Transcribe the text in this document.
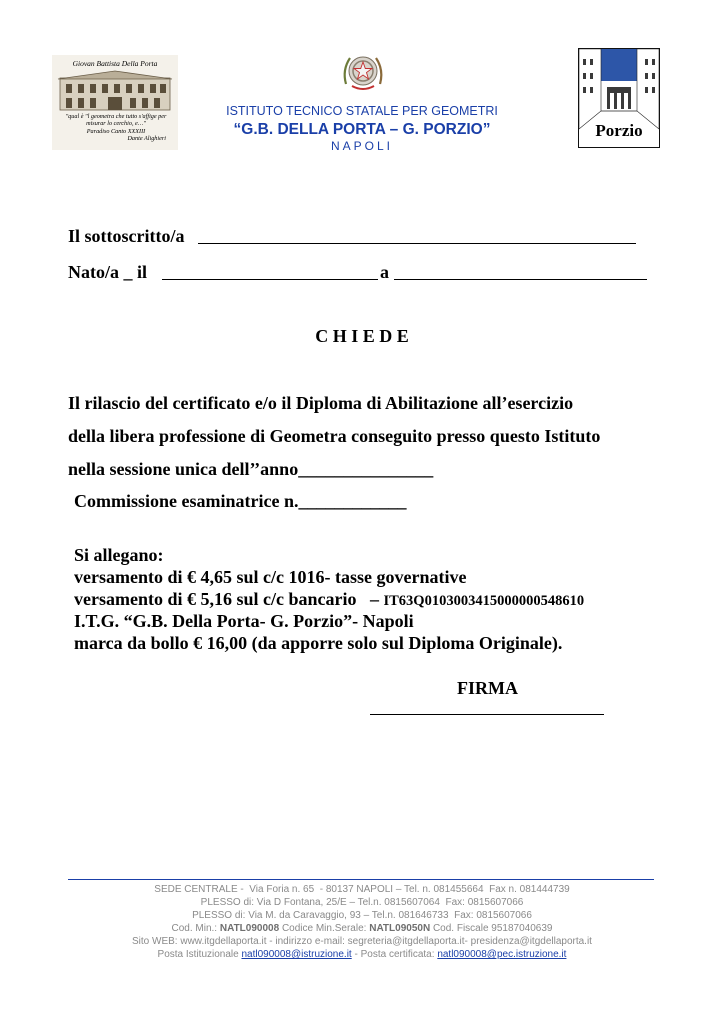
Giovan Battista Della Porta
"qual è "l geometra che tutto s'affige per
misurar lo cerchio, e…"
Paradiso Canto XXXIII
Dante Alighieri
ISTITUTO TECNICO STATALE PER GEOMETRI
“G.B. DELLA PORTA – G. PORZIO”
NAPOLI
Porzio
Il sottoscritto/a
Nato/a _ il	a
C H I E D E
Il rilascio del certificato e/o il Diploma di Abilitazione all’esercizio
della libera professione di Geometra conseguito presso questo Istituto
nella sessione unica dell’’anno_______________
Commissione esaminatrice n.____________
Si allegano:
versamento di € 4,65 sul c/c 1016- tasse governative
versamento di € 5,16 sul c/c bancario   – IT63Q0103003415000000548610
I.T.G. “G.B. Della Porta- G. Porzio”- Napoli
marca da bollo € 16,00 (da apporre solo sul Diploma Originale).
FIRMA
SEDE CENTRALE -  Via Foria n. 65  - 80137 NAPOLI – Tel. n. 081455664  Fax n. 081444739
PLESSO di: Via D Fontana, 25/E – Tel.n. 0815607064  Fax: 0815607066
PLESSO di: Via M. da Caravaggio, 93 – Tel.n. 081646733  Fax: 0815607066
Cod. Min.: NATL090008 Codice Min.Serale: NATL09050N Cod. Fiscale 95187040639
Sito WEB: www.itgdellaporta.it - indirizzo e-mail: segreteria@itgdellaporta.it- presidenza@itgdellaporta.it
Posta Istituzionale natl090008@istruzione.it - Posta certificata: natl090008@pec.istruzione.it
